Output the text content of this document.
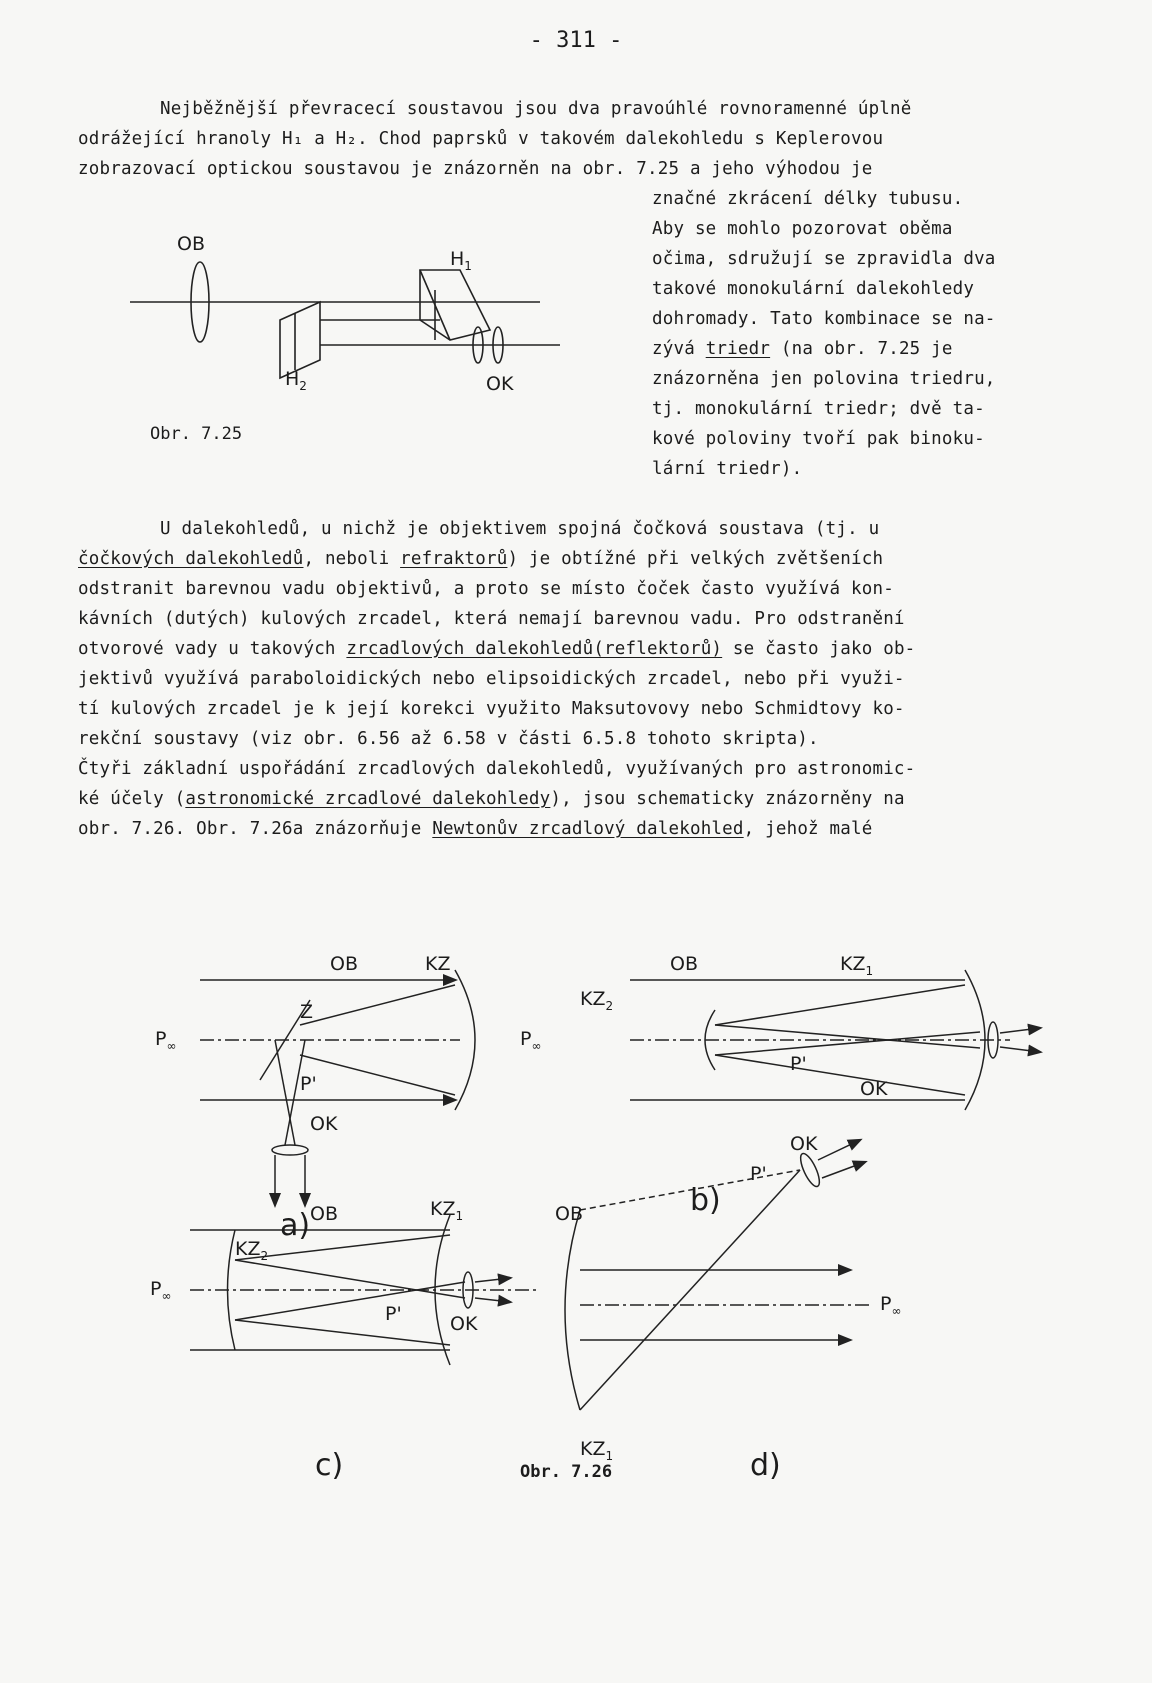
- 311 -
Nejběžnější převracecí soustavou jsou dva pravoúhlé rovnoramenné úplně
odrážející hranoly H₁ a H₂. Chod paprsků v takovém dalekohledu s Keplerovou
zobrazovací optickou soustavou je znázorněn na obr. 7.25 a jeho výhodou je
značné zkrácení délky tubusu.
Aby se mohlo pozorovat oběma
očima, sdružují se zpravidla dva
takové monokulární dalekohledy
dohromady. Tato kombinace se na-
zývá triedr (na obr. 7.25 je
znázorněna jen polovina triedru,
tj. monokulární triedr; dvě ta-
kové poloviny tvoří pak binoku-
lární triedr).
OB
$H_1$
$H_2$	OK
Obr. 7.25
U dalekohledů, u nichž je objektivem spojná čočková soustava (tj. u
čočkových dalekohledů, neboli refraktorů) je obtížné při velkých zvětšeních
odstranit barevnou vadu objektivů, a proto se místo čoček často využívá kon-
kávních (dutých) kulových zrcadel, která nemají barevnou vadu. Pro odstranění
otvorové vady u takových zrcadlových dalekohledů(reflektorů) se často jako ob-
jektivů využívá paraboloidických nebo elipsoidických zrcadel, nebo při využi-
tí kulových zrcadel je k její korekci využito Maksutovovy nebo Schmidtovy ko-
rekční soustavy (viz obr. 6.56 až 6.58 v části 6.5.8 tohoto skripta).
Čtyři základní uspořádání zrcadlových dalekohledů, využívaných pro astronomic-
ké účely (astronomické zrcadlové dalekohledy), jsou schematicky znázorněny na
obr. 7.26. Obr. 7.26a znázorňuje Newtonův zrcadlový dalekohled, jehož malé
OB	KZ
Z
$P_\infty$
P'
OK
a)
OB	$KZ_1$
$KZ_2$
$P_\infty$
P'
OK
b)
OB	$KZ_1$
$KZ_2$
$P_\infty$
P'	OK
c)
OB
$KZ_1$
$P_\infty$
P'
OK
d)
Obr. 7.26
